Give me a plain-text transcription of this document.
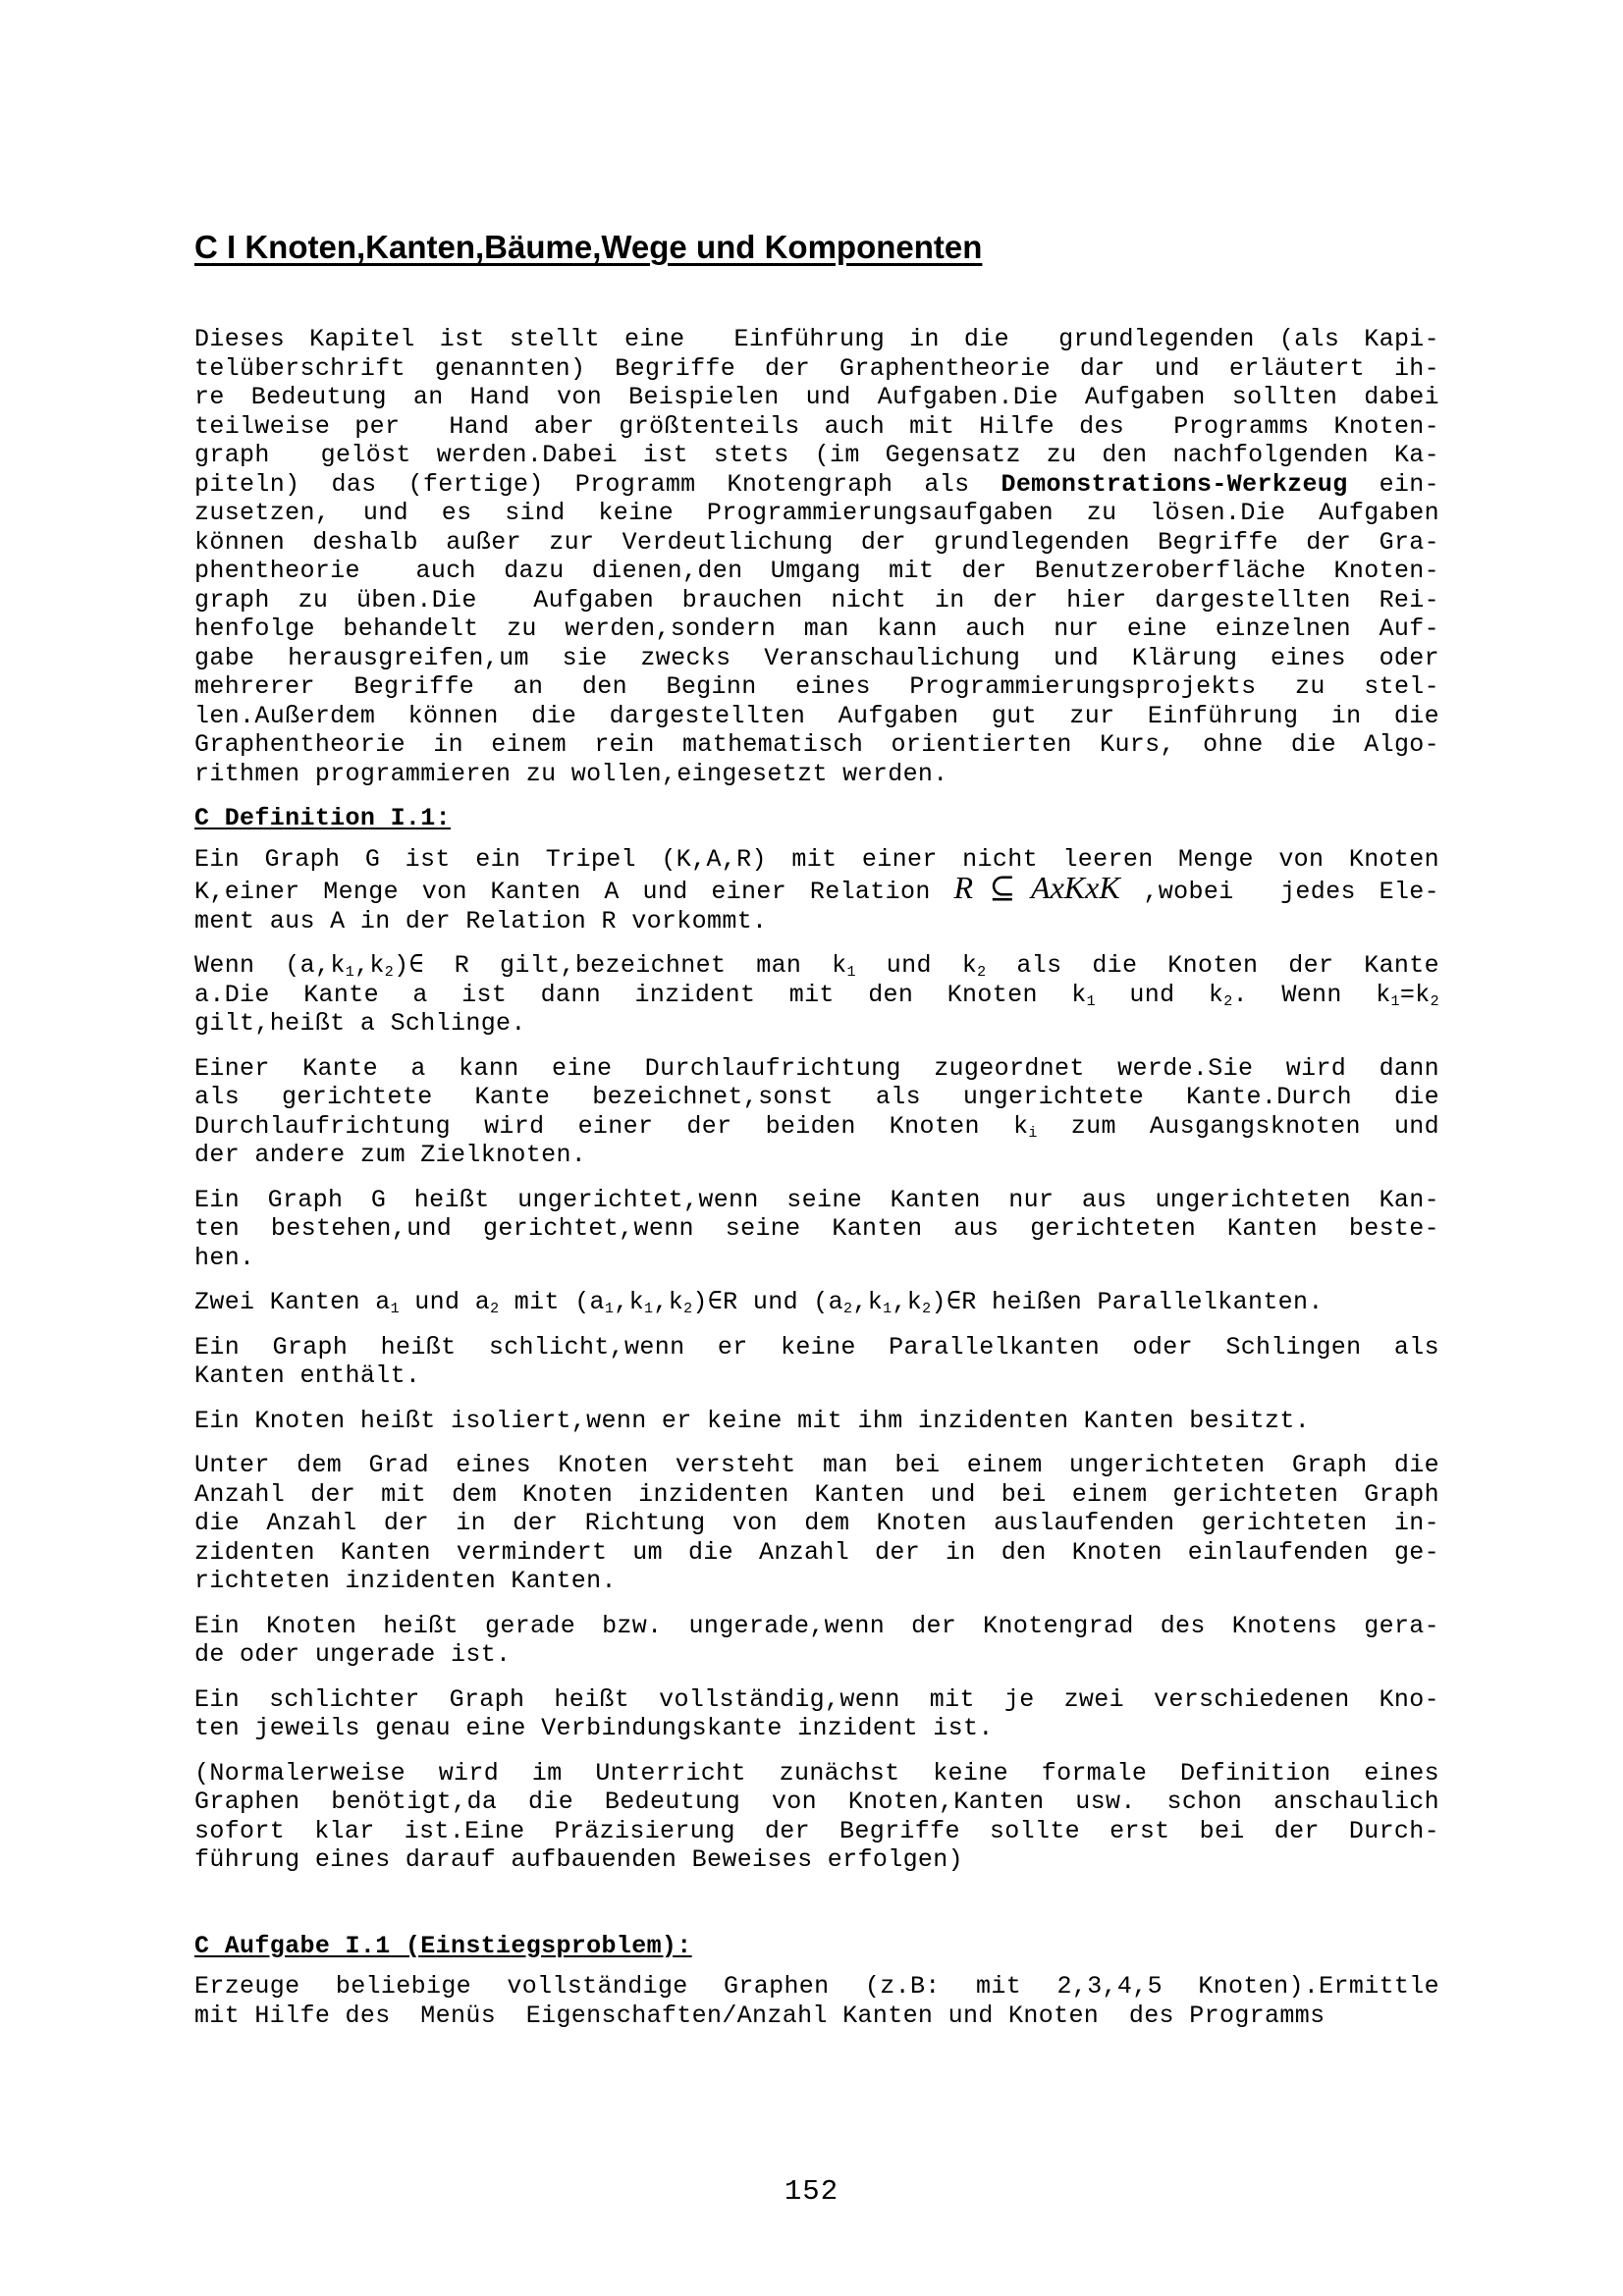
C I Knoten,Kanten,Bäume,Wege und Komponenten
Dieses Kapitel ist stellt eine  Einführung in die  grundlegenden (als Kapi-
telüberschrift genannten) Begriffe der Graphentheorie dar und erläutert ih-
re Bedeutung an Hand von Beispielen und Aufgaben.Die Aufgaben sollten dabei
teilweise per  Hand aber größtenteils auch mit Hilfe des  Programms Knoten-
graph  gelöst werden.Dabei ist stets (im Gegensatz zu den nachfolgenden Ka-
piteln) das (fertige) Programm Knotengraph als Demonstrations-Werkzeug ein-
zusetzen, und es sind keine Programmierungsaufgaben zu lösen.Die Aufgaben
können deshalb außer zur Verdeutlichung der grundlegenden Begriffe der Gra-
phentheorie  auch dazu dienen,den Umgang mit der Benutzeroberfläche Knoten-
graph zu üben.Die  Aufgaben brauchen nicht in der hier dargestellten Rei-
henfolge behandelt zu werden,sondern man kann auch nur eine einzelnen Auf-
gabe herausgreifen,um sie zwecks Veranschaulichung und Klärung eines oder
mehrerer Begriffe an den Beginn eines Programmierungsprojekts zu stel-
len.Außerdem können die dargestellten Aufgaben gut zur Einführung in die
Graphentheorie in einem rein mathematisch orientierten Kurs, ohne die Algo-
rithmen programmieren zu wollen,eingesetzt werden.
C Definition I.1:
Ein Graph G ist ein Tripel (K,A,R) mit einer nicht leeren Menge von Knoten
K,einer Menge von Kanten A und einer Relation R ⊆ AxKxK ,wobei  jedes Ele-
ment aus A in der Relation R vorkommt.
Wenn $(a,k_1,k_2)\in$ R gilt,bezeichnet man $k_1$ und $k_2$ als die Knoten der Kante
a.Die Kante a ist dann inzident mit den Knoten $k_1$ und $k_2$. Wenn $k_1=k_2$
gilt,heißt a Schlinge.
Einer Kante a kann eine Durchlaufrichtung zugeordnet werde.Sie wird dann
als gerichtete Kante bezeichnet,sonst als ungerichtete Kante.Durch die
Durchlaufrichtung wird einer der beiden Knoten $k_i$ zum Ausgangsknoten und
der andere zum Zielknoten.
Ein Graph G heißt ungerichtet,wenn seine Kanten nur aus ungerichteten Kan-
ten bestehen,und gerichtet,wenn seine Kanten aus gerichteten Kanten beste-
hen.
Zwei Kanten $a_1$ und $a_2$ mit $(a_1,k_1,k_2)\in R$ und $(a_2,k_1,k_2)\in R$ heißen Parallelkanten.
Ein Graph heißt schlicht,wenn er keine Parallelkanten oder Schlingen als
Kanten enthält.
Ein Knoten heißt isoliert,wenn er keine mit ihm inzidenten Kanten besitzt.
Unter dem Grad eines Knoten versteht man bei einem ungerichteten Graph die
Anzahl der mit dem Knoten inzidenten Kanten und bei einem gerichteten Graph
die Anzahl der in der Richtung von dem Knoten auslaufenden gerichteten in-
zidenten Kanten vermindert um die Anzahl der in den Knoten einlaufenden ge-
richteten inzidenten Kanten.
Ein Knoten heißt gerade bzw. ungerade,wenn der Knotengrad des Knotens gera-
de oder ungerade ist.
Ein schlichter Graph heißt vollständig,wenn mit je zwei verschiedenen Kno-
ten jeweils genau eine Verbindungskante inzident ist.
(Normalerweise wird im Unterricht zunächst keine formale Definition eines
Graphen benötigt,da die Bedeutung von Knoten,Kanten usw. schon anschaulich
sofort klar ist.Eine Präzisierung der Begriffe sollte erst bei der Durch-
führung eines darauf aufbauenden Beweises erfolgen)
C Aufgabe I.1 (Einstiegsproblem):
Erzeuge beliebige vollständige Graphen (z.B: mit 2,3,4,5 Knoten).Ermittle
mit Hilfe des  Menüs  Eigenschaften/Anzahl Kanten und Knoten  des Programms
152
